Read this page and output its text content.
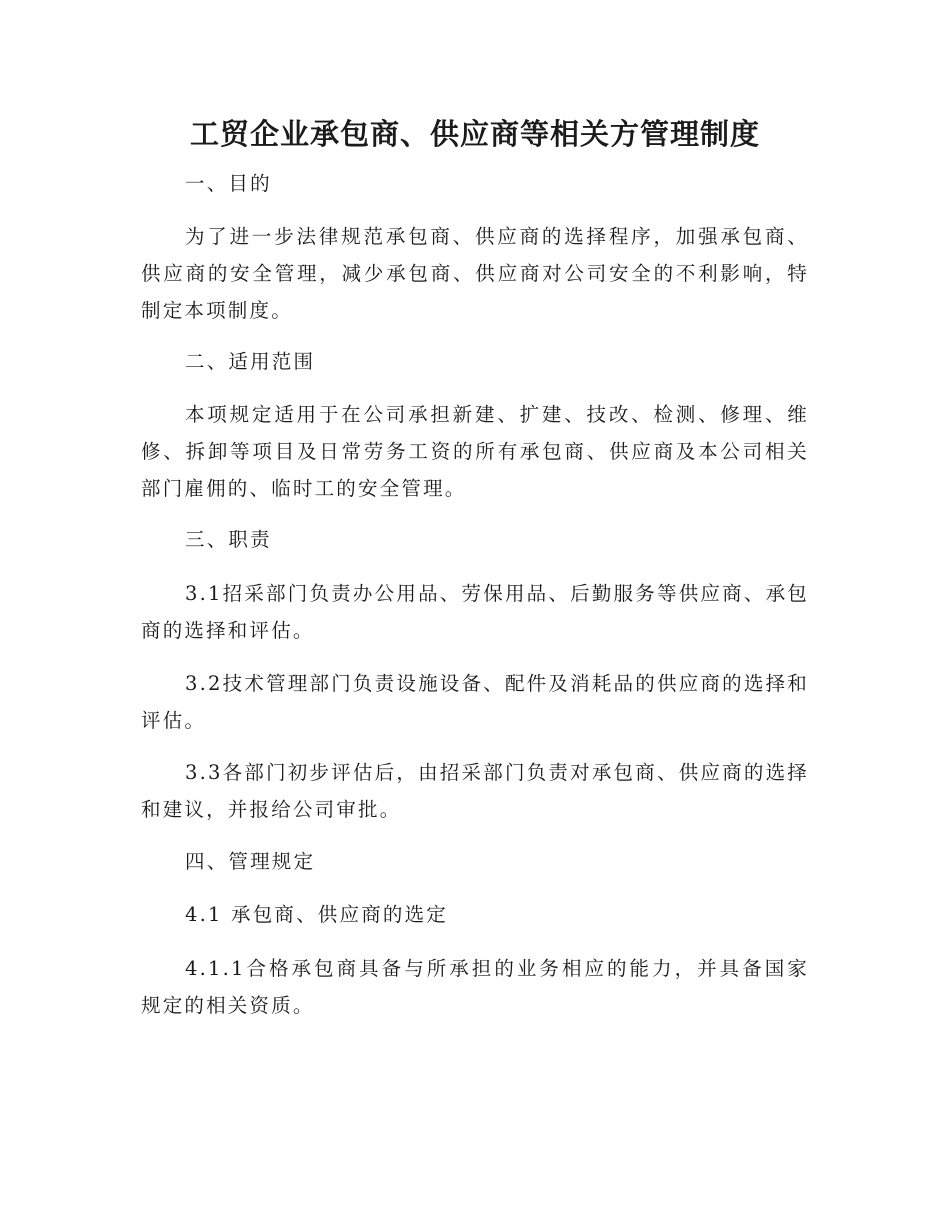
工贸企业承包商、供应商等相关方管理制度

一、目的

为了进一步法律规范承包商、供应商的选择程序，加强承包商、供应商的安全管理，减少承包商、供应商对公司安全的不利影响，特制定本项制度。

二、适用范围

本项规定适用于在公司承担新建、扩建、技改、检测、修理、维修、拆卸等项目及日常劳务工资的所有承包商、供应商及本公司相关部门雇佣的、临时工的安全管理。

三、职责

3.1招采部门负责办公用品、劳保用品、后勤服务等供应商、承包商的选择和评估。

3.2技术管理部门负责设施设备、配件及消耗品的供应商的选择和评估。

3.3各部门初步评估后，由招采部门负责对承包商、供应商的选择和建议，并报给公司审批。

四、管理规定

4.1 承包商、供应商的选定

4.1.1合格承包商具备与所承担的业务相应的能力，并具备国家规定的相关资质。
